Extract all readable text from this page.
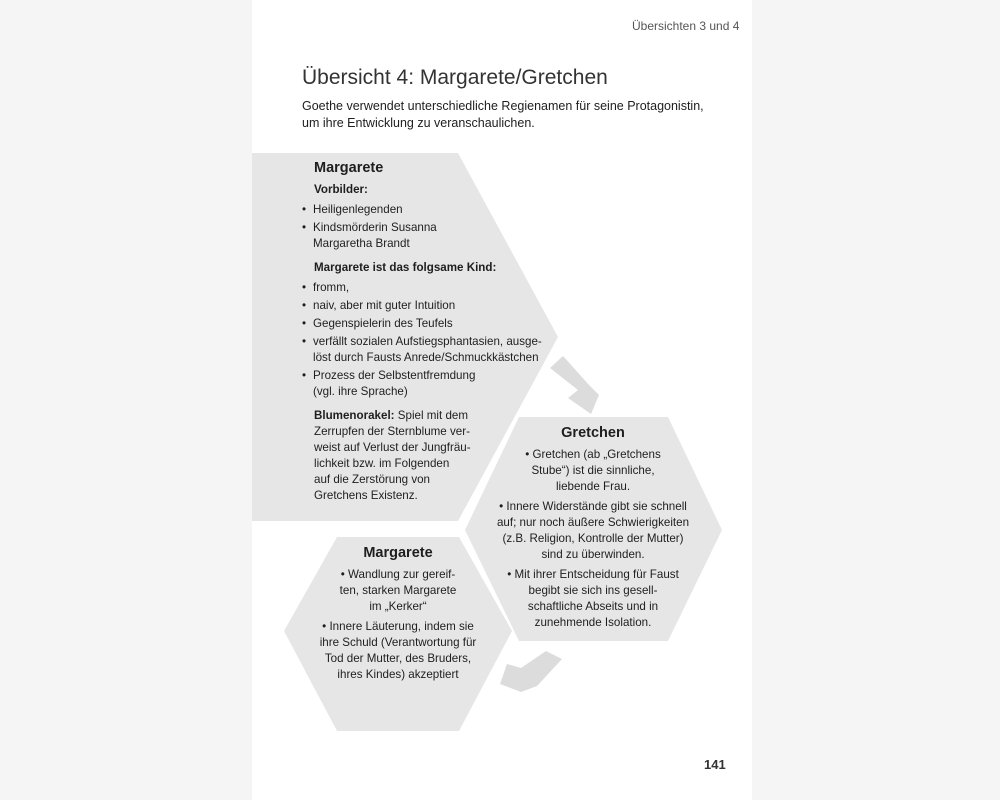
Übersichten 3 und 4
Übersicht 4: Margarete/Gretchen
Goethe verwendet unterschiedliche Regienamen für seine Protagonistin,
um ihre Entwicklung zu veranschaulichen.
Margarete
Vorbilder:
• Heiligenlegenden
• Kindsmörderin Susanna
Margaretha Brandt
Margarete ist das folgsame Kind:
• fromm,
• naiv, aber mit guter Intuition
• Gegenspielerin des Teufels
• verfällt sozialen Aufstiegsphantasien, ausge-
löst durch Fausts Anrede/Schmuckkästchen
• Prozess der Selbstentfremdung
(vgl. ihre Sprache)
Blumenorakel: Spiel mit dem
Zerrupfen der Sternblume ver-
weist auf Verlust der Jungfräu-
lichkeit bzw. im Folgenden
auf die Zerstörung von
Gretchens Existenz.
Gretchen
• Gretchen (ab „Gretchens
Stube“) ist die sinnliche,
liebende Frau.
• Innere Widerstände gibt sie schnell
auf; nur noch äußere Schwierigkeiten
(z.B. Religion, Kontrolle der Mutter)
sind zu überwinden.
• Mit ihrer Entscheidung für Faust
begibt sie sich ins gesell-
schaftliche Abseits und in
zunehmende Isolation.
Margarete
• Wandlung zur gereif-
ten, starken Margarete
im „Kerker“
• Innere Läuterung, indem sie
ihre Schuld (Verantwortung für
Tod der Mutter, des Bruders,
ihres Kindes) akzeptiert
141
